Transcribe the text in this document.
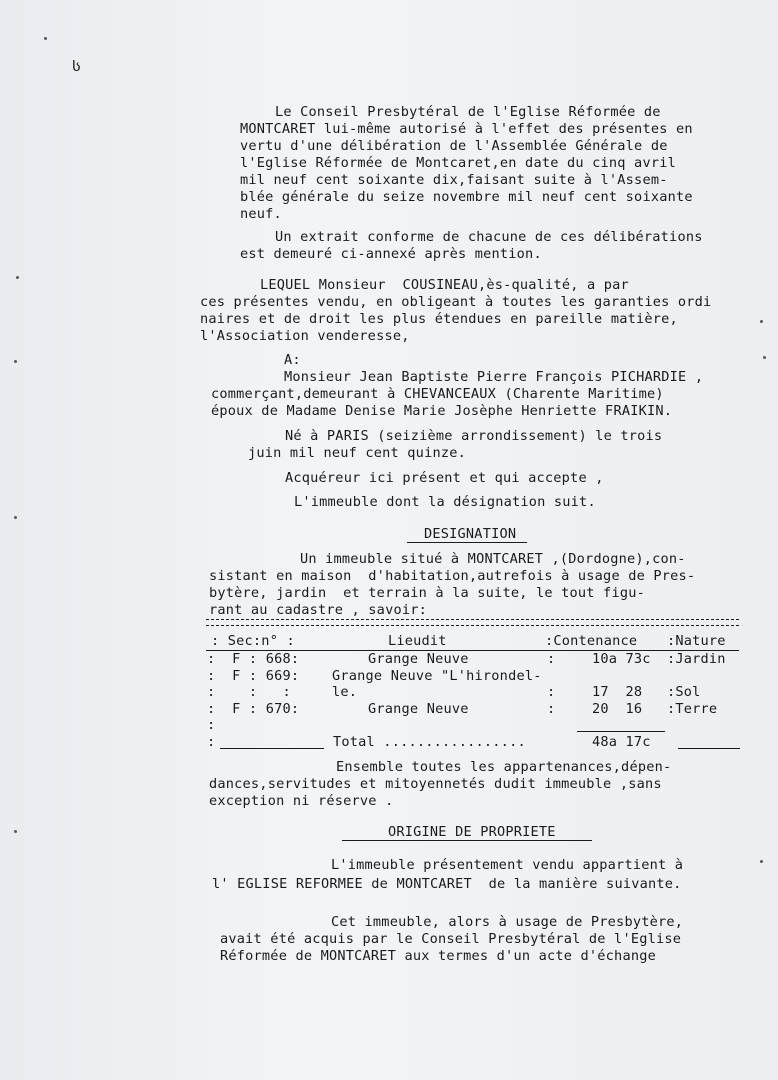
ს
Le Conseil Presbytéral de l'Eglise Réformée de
MONTCARET lui-même autorisé à l'effet des présentes en
vertu d'une délibération de l'Assemblée Générale de
l'Eglise Réformée de Montcaret,en date du cinq avril
mil neuf cent soixante dix,faisant suite à l'Assem-
blée générale du seize novembre mil neuf cent soixante
neuf.
Un extrait conforme de chacune de ces délibérations
est demeuré ci-annexé après mention.
LEQUEL Monsieur  COUSINEAU,ès-qualité, a par
ces présentes vendu, en obligeant à toutes les garanties ordi
naires et de droit les plus étendues en pareille matière,
l'Association venderesse,
A:
Monsieur Jean Baptiste Pierre François PICHARDIE ,
commerçant,demeurant à CHEVANCEAUX (Charente Maritime)
époux de Madame Denise Marie Josèphe Henriette FRAIKIN.
Né à PARIS (seizième arrondissement) le trois
juin mil neuf cent quinze.
Acquéreur ici présent et qui accepte ,
L'immeuble dont la désignation suit.
DESIGNATION
Un immeuble situé à MONTCARET ,(Dordogne),con-
sistant en maison  d'habitation,autrefois à usage de Pres-
bytère, jardin  et terrain à la suite, le tout figu-
rant au cadastre , savoir:
: Sec:n° :	Lieudit	:Contenance :Nature
:  F : 668:	Grange Neuve	:	10a 73c :Jardin
:  F : 669: Grange Neuve "L'hirondel-
:    :   :	le.	:	17  28 :Sol
:  F : 670:	Grange Neuve	:	20  16 :Terre
:
:	Total .................	48a 17c
Ensemble toutes les appartenances,dépen-
dances,servitudes et mitoyennetés dudit immeuble ,sans
exception ni réserve .
ORIGINE DE PROPRIETE
L'immeuble présentement vendu appartient à
l' EGLISE REFORMEE de MONTCARET  de la manière suivante.
Cet immeuble, alors à usage de Presbytère,
avait été acquis par le Conseil Presbytéral de l'Eglise
Réformée de MONTCARET aux termes d'un acte d'échange
